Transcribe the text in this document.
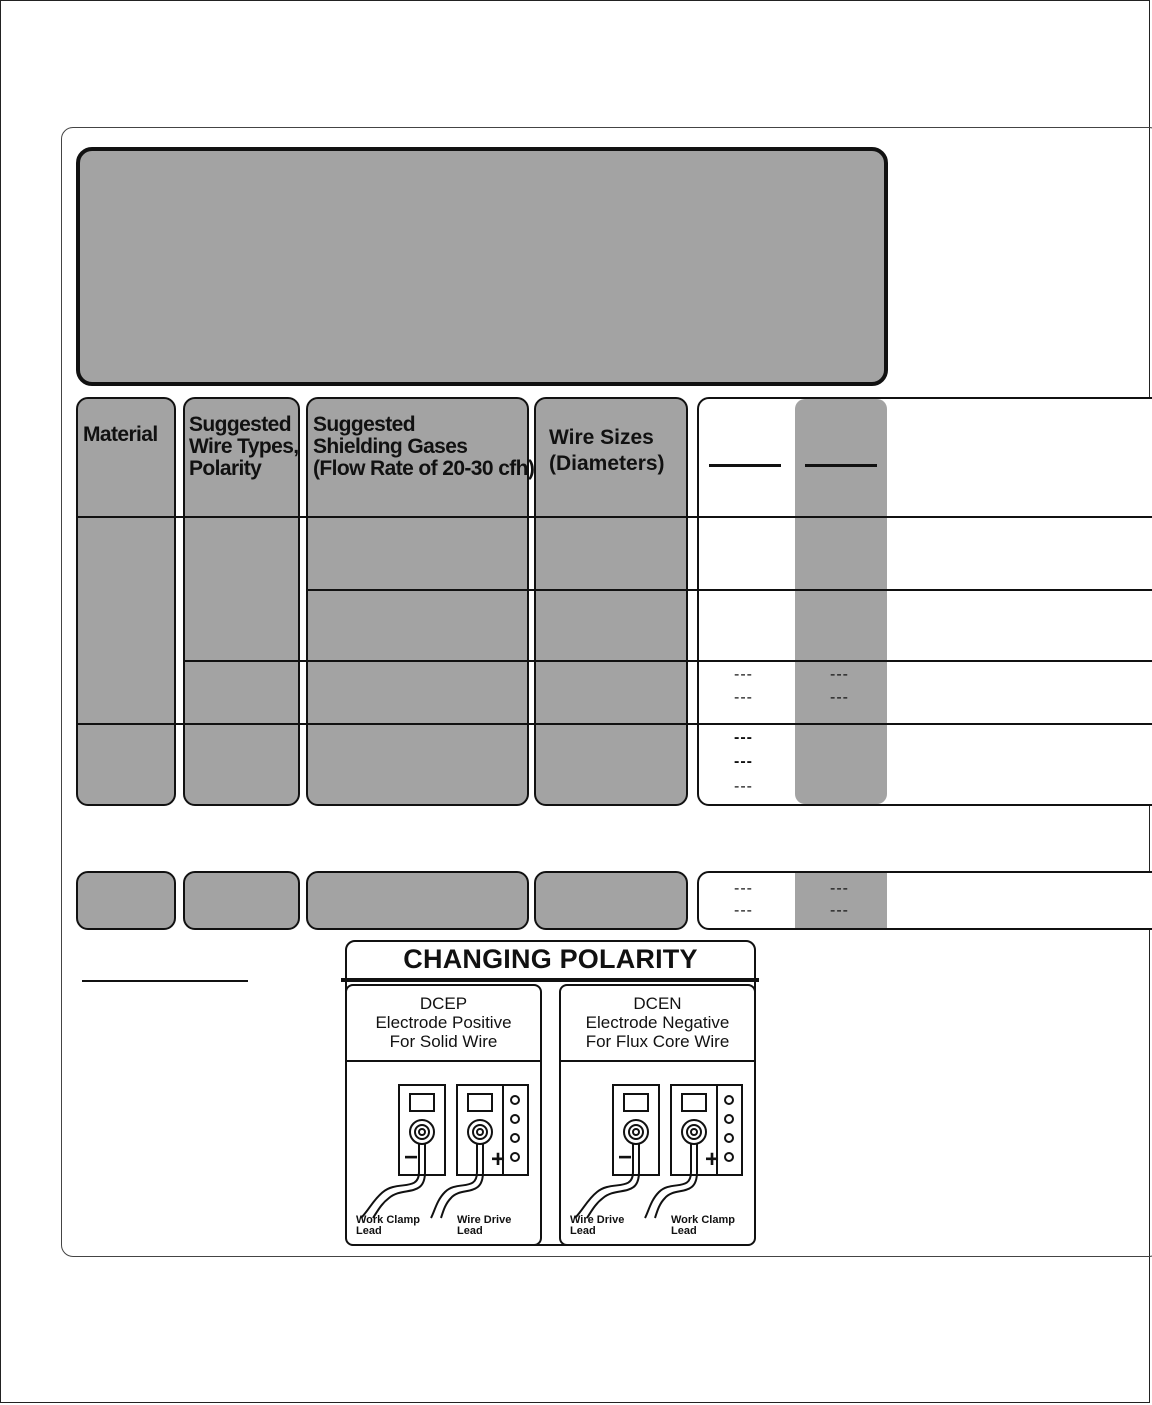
Material Suggested
Wire Types,
Polarity
Suggested
Shielding Gases
(Flow Rate of 20-30 cfh)
Wire Sizes
(Diameters)
---
---
---
---
---
---
---
---
---
---
---
CHANGING POLARITY
DCEP
Electrode Positive
For Solid Wire
−	+
Work Clamp
Lead
Wire Drive
Lead
DCEN
Electrode Negative
For Flux Core Wire
−	+
Wire Drive
Lead
Work Clamp
Lead
